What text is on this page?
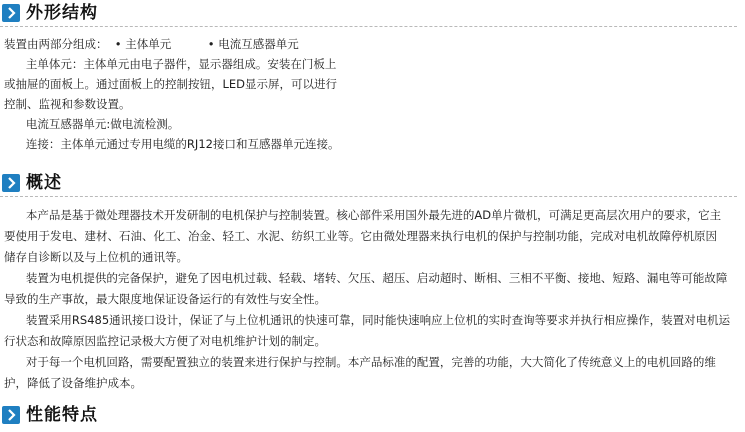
外形结构
装置由两部分组成：  • 主体单元          • 电流互感器单元
主单体元：主体单元由电子器件，显示器组成。安装在门板上
或抽屉的面板上。通过面板上的控制按钮，LED显示屏，可以进行
控制、监视和参数设置。
电流互感器单元:做电流检测。
连接：主体单元通过专用电缆的RJ12接口和互感器单元连接。
概述
本产品是基于微处理器技术开发研制的电机保护与控制装置。核心部件采用国外最先进的AD单片微机，可满足更高层次用户的要求，它主
要使用于发电、建材、石油、化工、冶金、轻工、水泥、纺织工业等。它由微处理器来执行电机的保护与控制功能，完成对电机故障停机原因
储存自诊断以及与上位机的通讯等。
装置为电机提供的完备保护，避免了因电机过载、轻载、堵转、欠压、超压、启动超时、断相、三相不平衡、接地、短路、漏电等可能故障
导致的生产事故，最大限度地保证设备运行的有效性与安全性。
装置采用RS485通讯接口设计，保证了与上位机通讯的快速可靠，同时能快速响应上位机的实时查询等要求并执行相应操作，装置对电机运
行状态和故障原因监控记录极大方便了对电机维护计划的制定。
对于每一个电机回路，需要配置独立的装置来进行保护与控制。本产品标准的配置，完善的功能，大大简化了传统意义上的电机回路的维
护，降低了设备维护成本。
性能特点
